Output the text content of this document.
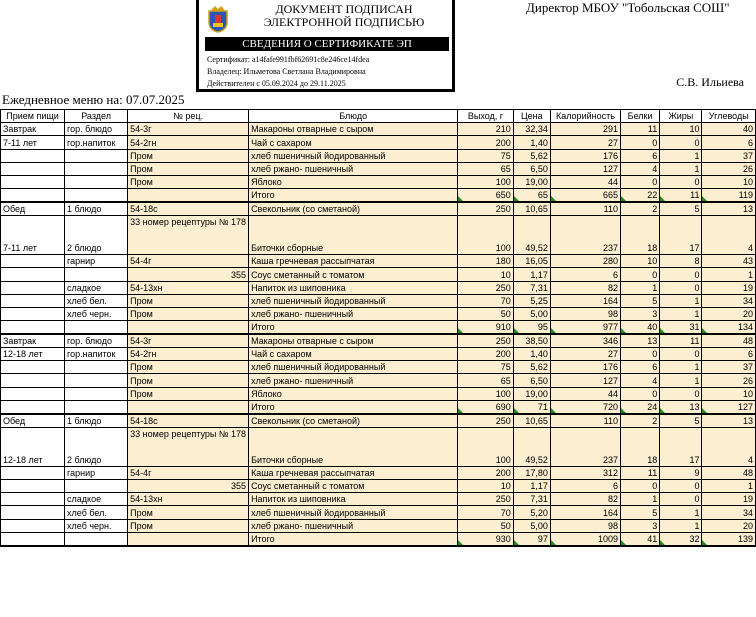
ДОКУМЕНТ ПОДПИСАН
ЭЛЕКТРОННОЙ ПОДПИСЬЮ
СВЕДЕНИЯ О СЕРТИФИКАТЕ ЭП
Сертификат: a14fafe991fbf62691c8e246ce14fdea
Владелец: Ильметова Светлана Владимировна
Действителен с 05.09.2024 до 29.11.2025
Директор МБОУ "Тобольская СОШ"
С.В. Ильиева
Ежедневное меню на: 07.07.2025
Прием пищи	Раздел	№ рец.	Блюдо	Выход, г	Цена	Калорийность	Белки	Жиры	Углеводы
Завтрак	гор. блюдо	54-3г	Макароны отварные с сыром	210	32,34	291	11	10	40
7-11 лет	гор.напиток	54-2гн	Чай с сахаром	200	1,40	27	0	0	6
		Пром	хлеб пшеничный йодированный	75	5,62	176	6	1	37
		Пром	хлеб ржано- пшеничный	65	6,50	127	4	1	26
		Пром	Яблоко	100	19,00	44	0	0	10
			Итого	650	65	665	22	11	119
Обед	1 блюдо	54-18с	Свекольник (со сметаной)	250	10,65	110	2	5	13
7-11 лет	2 блюдо	33 номер рецептуры № 178	Биточки сборные	100	49,52	237	18	17	4
	гарнир	54-4г	Каша гречневая рассыпчатая	180	16,05	280	10	8	43
		355	Соус сметанный с томатом	10	1,17	6	0	0	1
	сладкое	54-13хн	Напиток из шиповника	250	7,31	82	1	0	19
	хлеб бел.	Пром	хлеб пшеничный йодированный	70	5,25	164	5	1	34
	хлеб черн.	Пром	хлеб ржано- пшеничный	50	5,00	98	3	1	20
			Итого	910	95	977	40	31	134
Завтрак	гор. блюдо	54-3г	Макароны отварные с сыром	250	38,50	346	13	11	48
12-18 лет	гор.напиток	54-2гн	Чай с сахаром	200	1,40	27	0	0	6
		Пром	хлеб пшеничный йодированный	75	5,62	176	6	1	37
		Пром	хлеб ржано- пшеничный	65	6,50	127	4	1	26
		Пром	Яблоко	100	19,00	44	0	0	10
			Итого	690	71	720	24	13	127
Обед	1 блюдо	54-18с	Свекольник (со сметаной)	250	10,65	110	2	5	13
12-18 лет	2 блюдо	33 номер рецептуры № 178	Биточки сборные	100	49,52	237	18	17	4
	гарнир	54-4г	Каша гречневая рассыпчатая	200	17,80	312	11	9	48
		355	Соус сметанный с томатом	10	1,17	6	0	0	1
	сладкое	54-13хн	Напиток из шиповника	250	7,31	82	1	0	19
	хлеб бел.	Пром	хлеб пшеничный йодированный	70	5,20	164	5	1	34
	хлеб черн.	Пром	хлеб ржано- пшеничный	50	5,00	98	3	1	20
			Итого	930	97	1009	41	32	139
